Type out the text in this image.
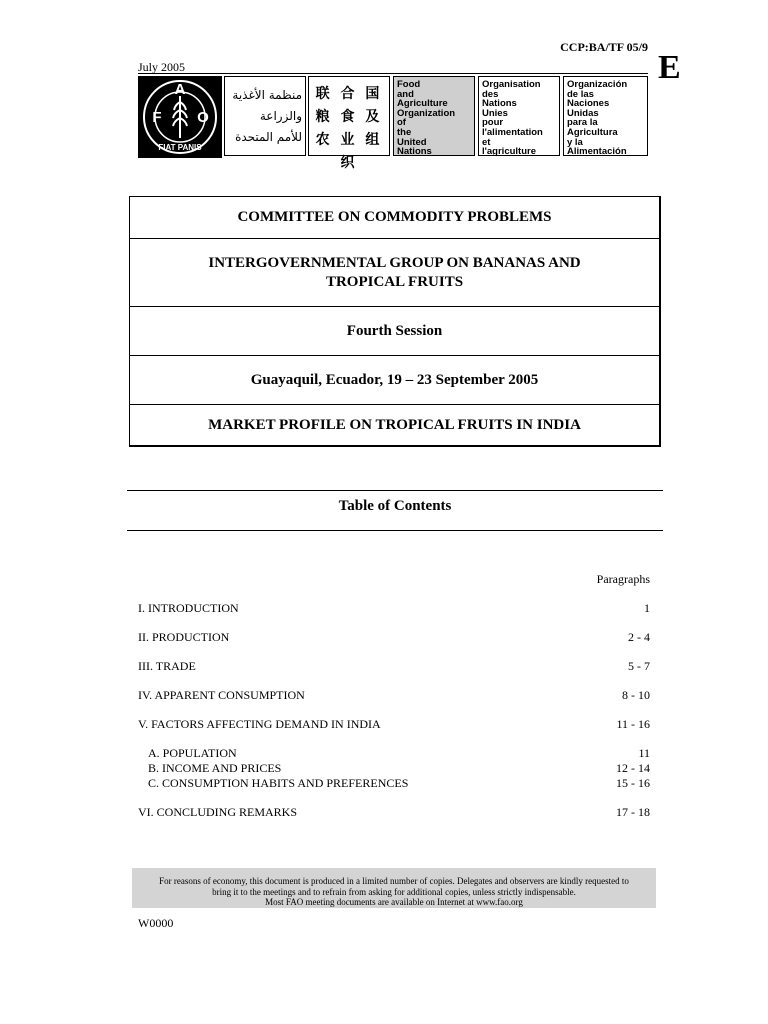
CCP:BA/TF 05/9
E
July 2005
F
A
O
FIAT PANIS
منظمة الأغذية
والزراعة
للأمم المتحدة
联 合 国
粮 食 及
农 业 组 织
Food
and
Agriculture
Organization
of
the
United
Nations
Organisation
des
Nations
Unies
pour
l'alimentation
et
l'agriculture
Organización
de las
Naciones
Unidas
para la
Agricultura
y la
Alimentación
COMMITTEE ON COMMODITY PROBLEMS
INTERGOVERNMENTAL GROUP ON BANANAS AND
TROPICAL FRUITS
Fourth Session
Guayaquil, Ecuador, 19 – 23 September 2005
MARKET PROFILE ON TROPICAL FRUITS IN INDIA
Table of Contents
Paragraphs
I. INTRODUCTION	1
II. PRODUCTION	2 - 4
III. TRADE	5 - 7
IV. APPARENT CONSUMPTION	8 - 10
V. FACTORS AFFECTING DEMAND IN INDIA	11 - 16
A. POPULATION	11
B. INCOME AND PRICES	12 - 14
C. CONSUMPTION HABITS AND PREFERENCES	15 - 16
VI. CONCLUDING REMARKS	17 - 18
For reasons of economy, this document is produced in a limited number of copies. Delegates and observers are kindly requested to
bring it to the meetings and to refrain from asking for additional copies, unless strictly indispensable.
Most FAO meeting documents are available on Internet at www.fao.org
W0000
